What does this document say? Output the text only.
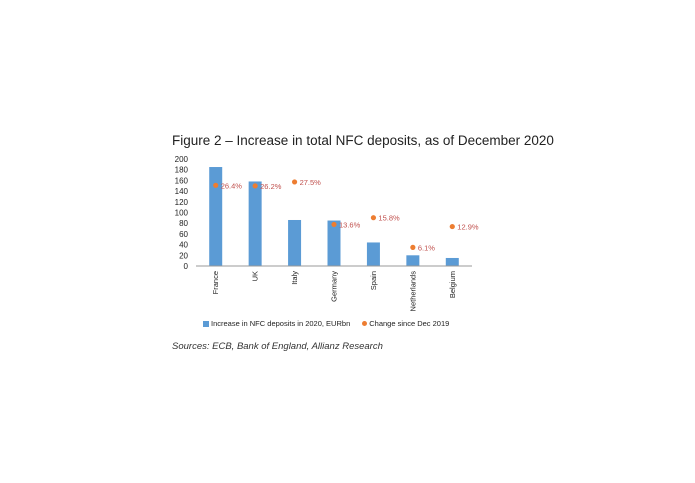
Figure 2 – Increase in total NFC deposits, as of December 2020
0
20
40
60
80
100
120
140
160
180
200
26.4% 26.2% 27.5%
13.6%
15.8%
6.1%
12.9%
France	UK	Italy	Germany	Spain	Netherlands	Belgium
Increase in NFC deposits in 2020, EURbn	Change since Dec 2019
Sources: ECB, Bank of England, Allianz Research
